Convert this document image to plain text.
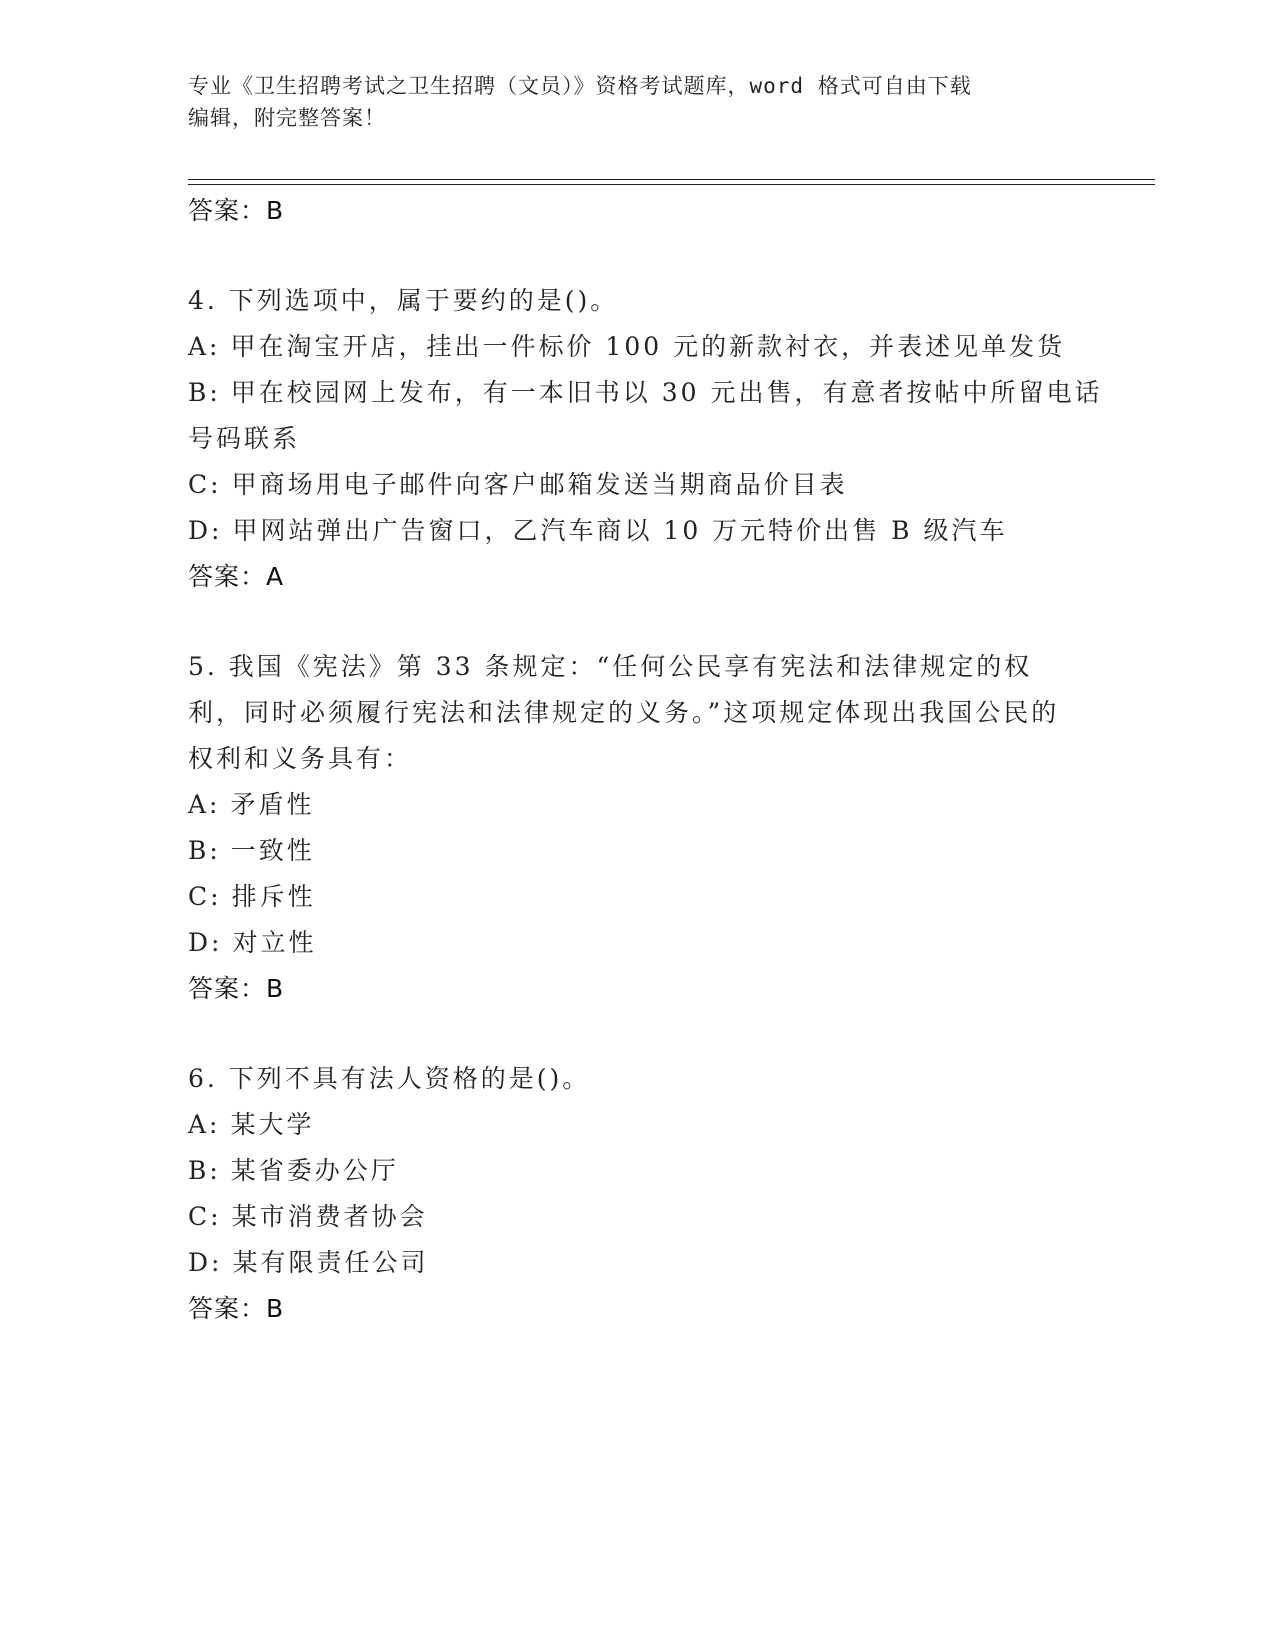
专业《卫生招聘考试之卫生招聘（文员）》资格考试题库，word 格式可自由下载
编辑，附完整答案！
答案：B
4. 下列选项中，属于要约的是()。
A: 甲在淘宝开店，挂出一件标价 100 元的新款衬衣，并表述见单发货
B: 甲在校园网上发布，有一本旧书以 30 元出售，有意者按帖中所留电话号码联系
C: 甲商场用电子邮件向客户邮箱发送当期商品价目表
D: 甲网站弹出广告窗口，乙汽车商以 10 万元特价出售 B 级汽车
答案：A
5. 我国《宪法》第 33 条规定：“任何公民享有宪法和法律规定的权利，同时必须履行宪法和法律规定的义务。”这项规定体现出我国公民的权利和义务具有：
A: 矛盾性
B: 一致性
C: 排斥性
D: 对立性
答案：B
6. 下列不具有法人资格的是()。
A: 某大学
B: 某省委办公厅
C: 某市消费者协会
D: 某有限责任公司
答案：B
